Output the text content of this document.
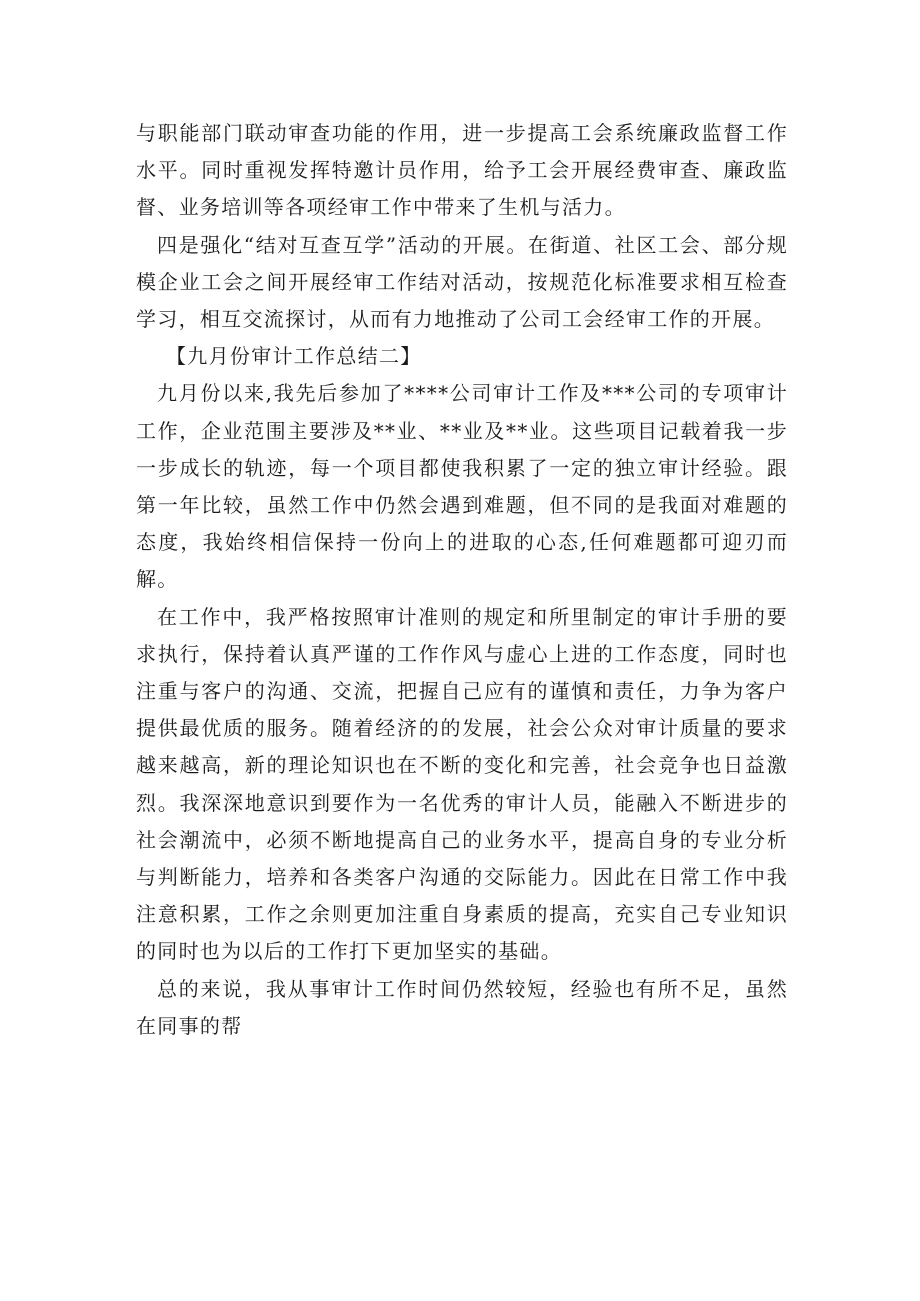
与职能部门联动审查功能的作用，进一步提高工会系统廉政监督工作水平。同时重视发挥特邀计员作用，给予工会开展经费审查、廉政监督、业务培训等各项经审工作中带来了生机与活力。

四是强化“结对互查互学”活动的开展。在街道、社区工会、部分规模企业工会之间开展经审工作结对活动，按规范化标准要求相互检查学习，相互交流探讨，从而有力地推动了公司工会经审工作的开展。

【九月份审计工作总结二】

九月份以来,我先后参加了****公司审计工作及***公司的专项审计工作，企业范围主要涉及**业、**业及**业。这些项目记载着我一步一步成长的轨迹，每一个项目都使我积累了一定的独立审计经验。跟第一年比较，虽然工作中仍然会遇到难题，但不同的是我面对难题的态度，我始终相信保持一份向上的进取的心态,任何难题都可迎刃而解。

在工作中，我严格按照审计准则的规定和所里制定的审计手册的要求执行，保持着认真严谨的工作作风与虚心上进的工作态度，同时也注重与客户的沟通、交流，把握自己应有的谨慎和责任，力争为客户提供最优质的服务。随着经济的的发展，社会公众对审计质量的要求越来越高，新的理论知识也在不断的变化和完善，社会竞争也日益激烈。我深深地意识到要作为一名优秀的审计人员，能融入不断进步的社会潮流中，必须不断地提高自己的业务水平，提高自身的专业分析与判断能力，培养和各类客户沟通的交际能力。因此在日常工作中我注意积累，工作之余则更加注重自身素质的提高，充实自己专业知识的同时也为以后的工作打下更加坚实的基础。

总的来说，我从事审计工作时间仍然较短，经验也有所不足，虽然在同事的帮
